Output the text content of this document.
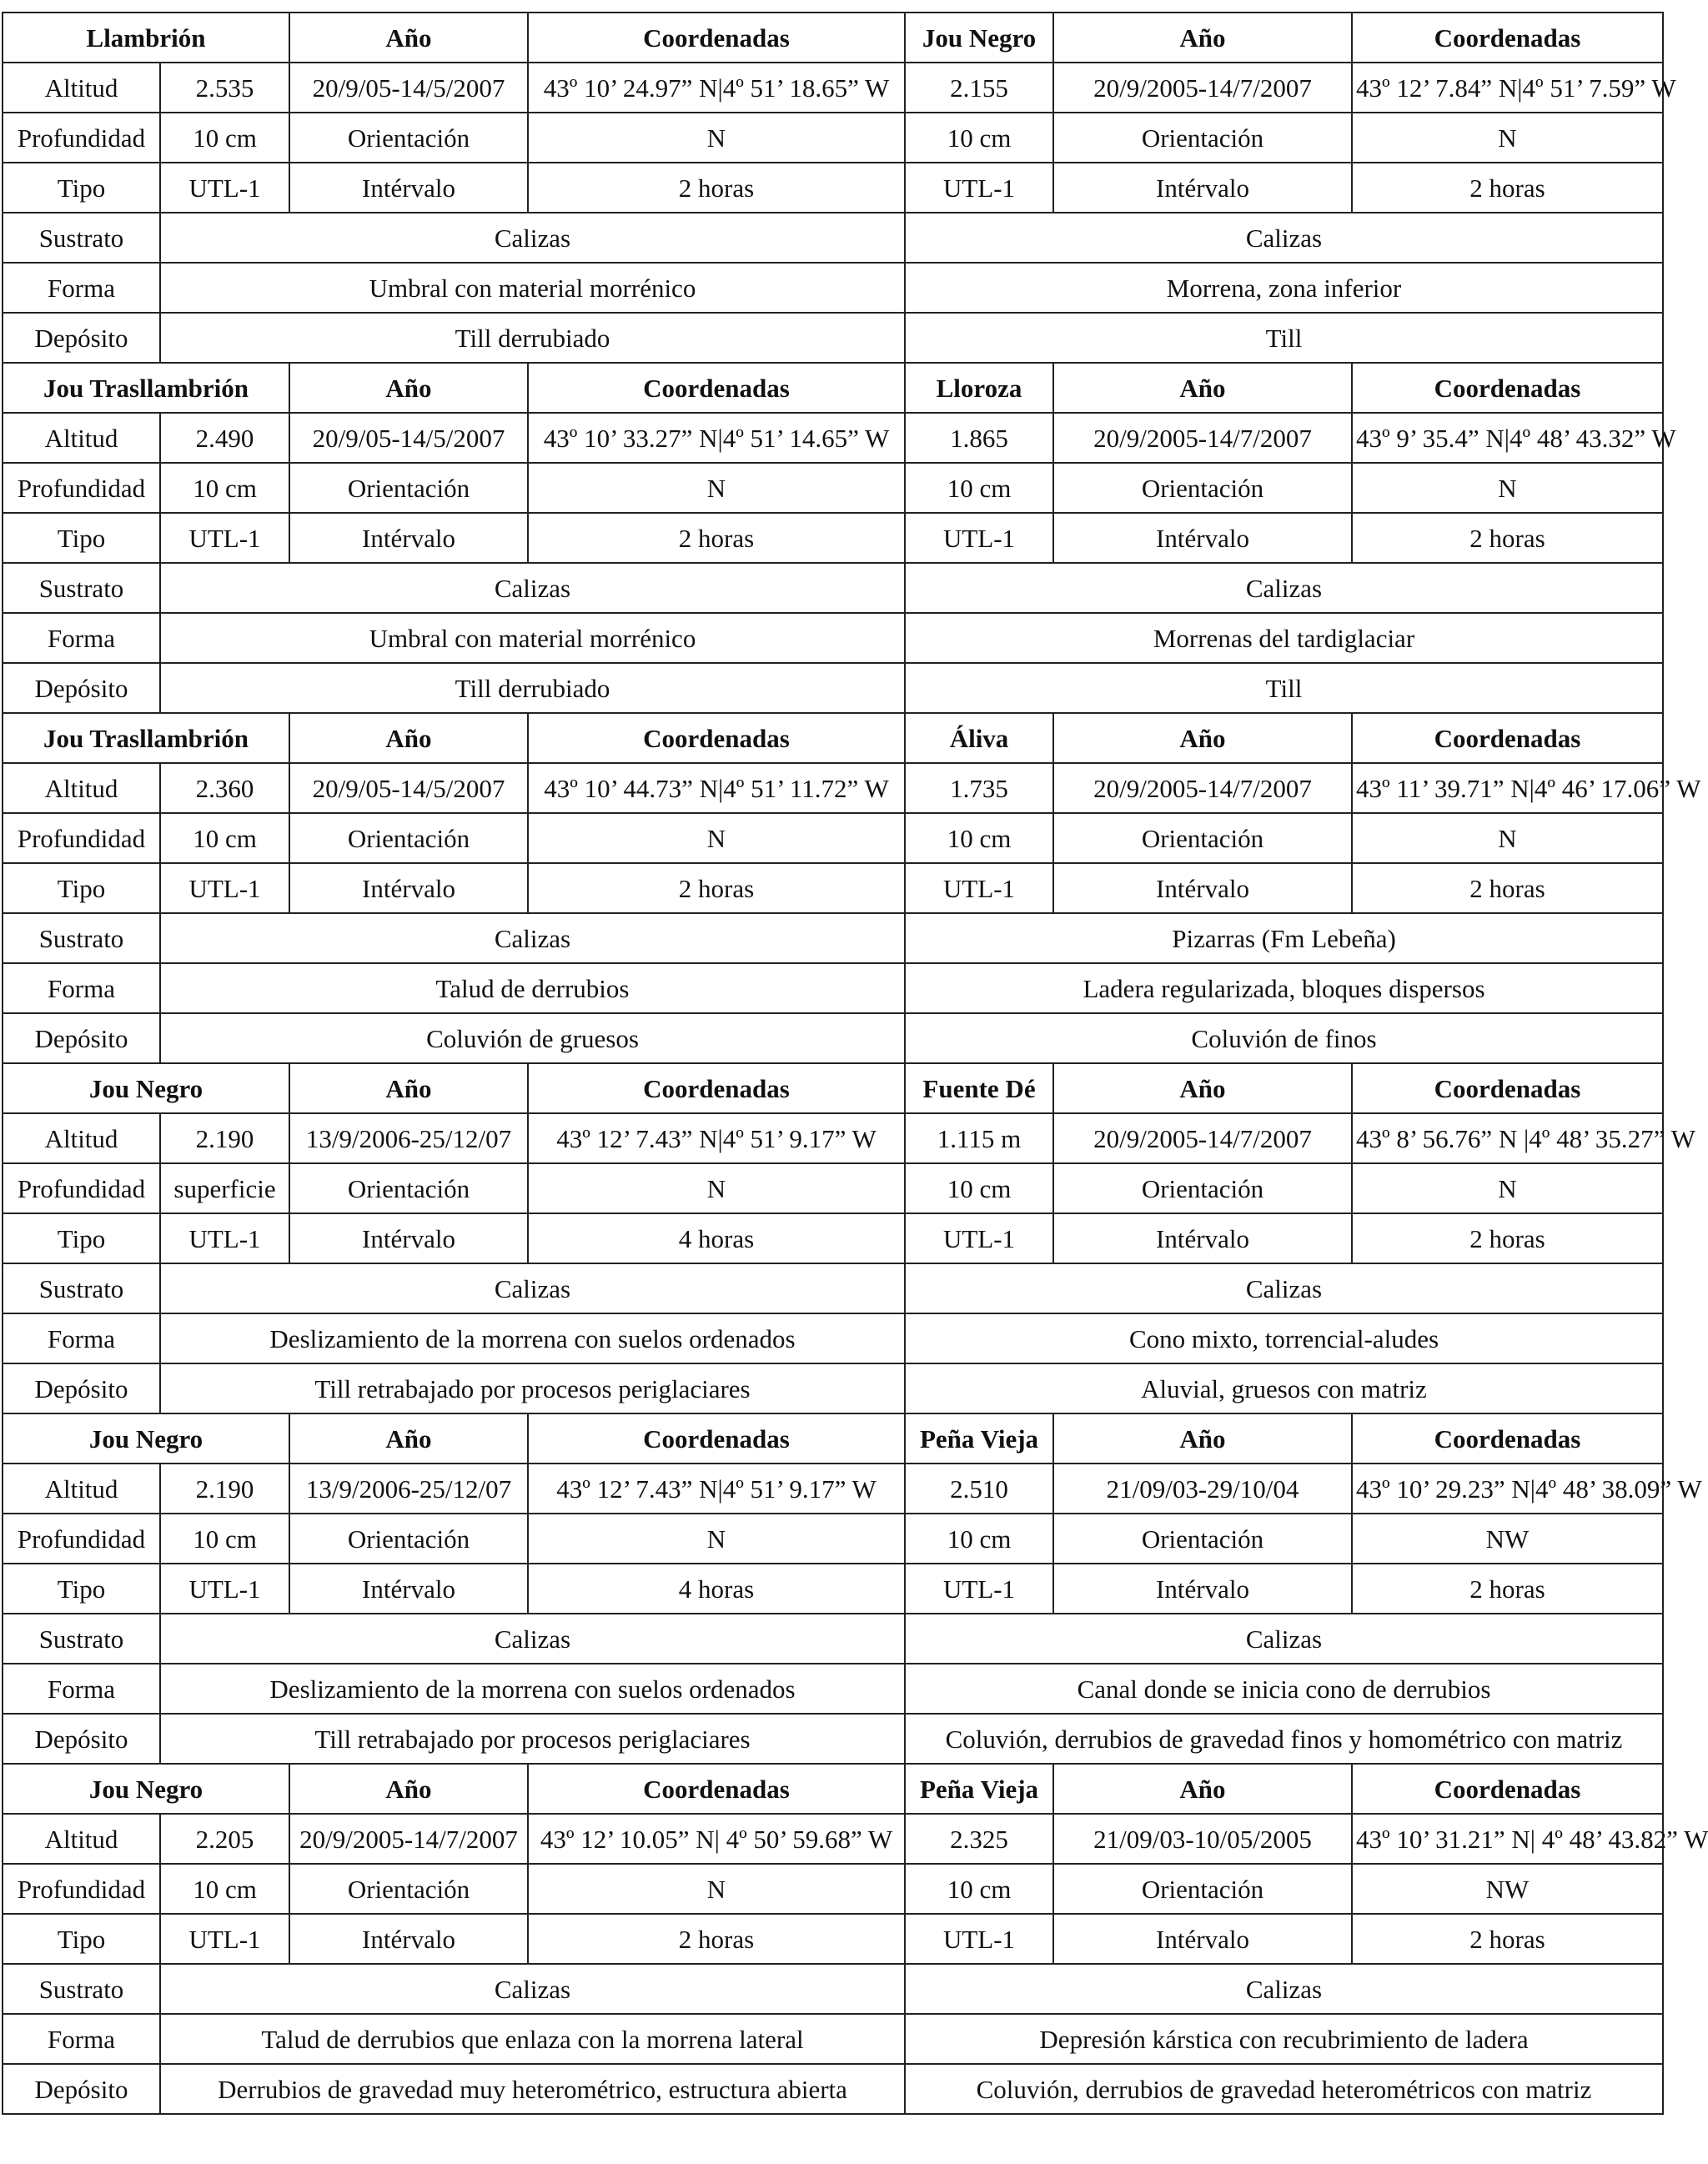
Llambrión		Año	Coordenadas	Jou Negro	Año	Coordenadas
Altitud	2.535	20/9/05-14/5/2007	43º 10’ 24.97” N|4º 51’ 18.65” W	2.155	20/9/2005-14/7/2007	43º 12’ 7.84” N|4º 51’ 7.59” W
Profundidad	10 cm	Orientación	N	10 cm	Orientación	N
Tipo	UTL-1	Intérvalo	2 horas	UTL-1	Intérvalo	2 horas
Sustrato	Calizas			Calizas		
Forma	Umbral con material morrénico			Morrena, zona inferior		
Depósito	Till derrubiado			Till		
Jou Trasllambrión		Año	Coordenadas	Lloroza	Año	Coordenadas
Altitud	2.490	20/9/05-14/5/2007	43º 10’ 33.27” N|4º 51’ 14.65” W	1.865	20/9/2005-14/7/2007	43º 9’ 35.4” N|4º 48’ 43.32” W
Profundidad	10 cm	Orientación	N	10 cm	Orientación	N
Tipo	UTL-1	Intérvalo	2 horas	UTL-1	Intérvalo	2 horas
Sustrato	Calizas			Calizas		
Forma	Umbral con material morrénico			Morrenas del tardiglaciar		
Depósito	Till derrubiado			Till		
Jou Trasllambrión		Año	Coordenadas	Áliva	Año	Coordenadas
Altitud	2.360	20/9/05-14/5/2007	43º 10’ 44.73” N|4º 51’ 11.72” W	1.735	20/9/2005-14/7/2007	43º 11’ 39.71” N|4º 46’ 17.06” W
Profundidad	10 cm	Orientación	N	10 cm	Orientación	N
Tipo	UTL-1	Intérvalo	2 horas	UTL-1	Intérvalo	2 horas
Sustrato	Calizas			Pizarras (Fm Lebeña)		
Forma	Talud de derrubios			Ladera regularizada, bloques dispersos		
Depósito	Coluvión de gruesos			Coluvión de finos		
Jou Negro		Año	Coordenadas	Fuente Dé	Año	Coordenadas
Altitud	2.190	13/9/2006-25/12/07	43º 12’ 7.43” N|4º 51’ 9.17” W	1.115 m	20/9/2005-14/7/2007	43º 8’ 56.76” N |4º 48’ 35.27” W
Profundidad	superficie	Orientación	N	10 cm	Orientación	N
Tipo	UTL-1	Intérvalo	4 horas	UTL-1	Intérvalo	2 horas
Sustrato	Calizas			Calizas		
Forma	Deslizamiento de la morrena con suelos ordenados			Cono mixto, torrencial-aludes		
Depósito	Till retrabajado por procesos periglaciares			Aluvial, gruesos con matriz		
Jou Negro		Año	Coordenadas	Peña Vieja	Año	Coordenadas
Altitud	2.190	13/9/2006-25/12/07	43º 12’ 7.43” N|4º 51’ 9.17” W	2.510	21/09/03-29/10/04	43º 10’ 29.23” N|4º 48’ 38.09” W
Profundidad	10 cm	Orientación	N	10 cm	Orientación	NW
Tipo	UTL-1	Intérvalo	4 horas	UTL-1	Intérvalo	2 horas
Sustrato	Calizas			Calizas		
Forma	Deslizamiento de la morrena con suelos ordenados			Canal donde se inicia cono de derrubios		
Depósito	Till retrabajado por procesos periglaciares			Coluvión, derrubios de gravedad finos y homométrico con matriz		
Jou Negro		Año	Coordenadas	Peña Vieja	Año	Coordenadas
Altitud	2.205	20/9/2005-14/7/2007	43º 12’ 10.05” N| 4º 50’ 59.68” W	2.325	21/09/03-10/05/2005	43º 10’ 31.21” N| 4º 48’ 43.82” W
Profundidad	10 cm	Orientación	N	10 cm	Orientación	NW
Tipo	UTL-1	Intérvalo	2 horas	UTL-1	Intérvalo	2 horas
Sustrato	Calizas			Calizas		
Forma	Talud de derrubios que enlaza con la morrena lateral			Depresión kárstica con recubrimiento de ladera		
Depósito	Derrubios de gravedad muy heterométrico, estructura abierta			Coluvión, derrubios de gravedad heterométricos con matriz		
